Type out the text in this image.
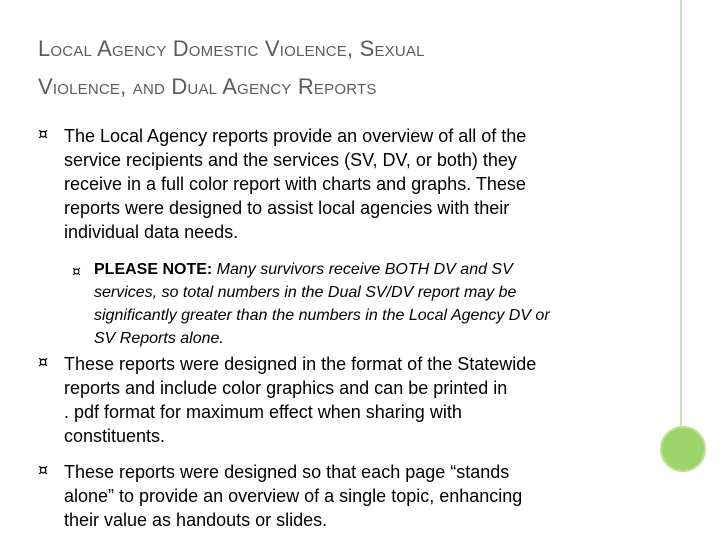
Local Agency Domestic Violence, Sexual
Violence, and Dual Agency Reports
¤ The Local Agency reports provide an overview of all of the
service recipients and the services (SV, DV, or both) they
receive in a full color report with charts and graphs. These
reports were designed to assist local agencies with their
individual data needs.
¤ PLEASE NOTE: Many survivors receive BOTH DV and SV
services, so total numbers in the Dual SV/DV report may be
significantly greater than the numbers in the Local Agency DV or
SV Reports alone.
¤ These reports were designed in the format of the Statewide
reports and include color graphics and can be printed in
. pdf format for maximum effect when sharing with
constituents.
¤ These reports were designed so that each page “stands
alone” to provide an overview of a single topic, enhancing
their value as handouts or slides.
